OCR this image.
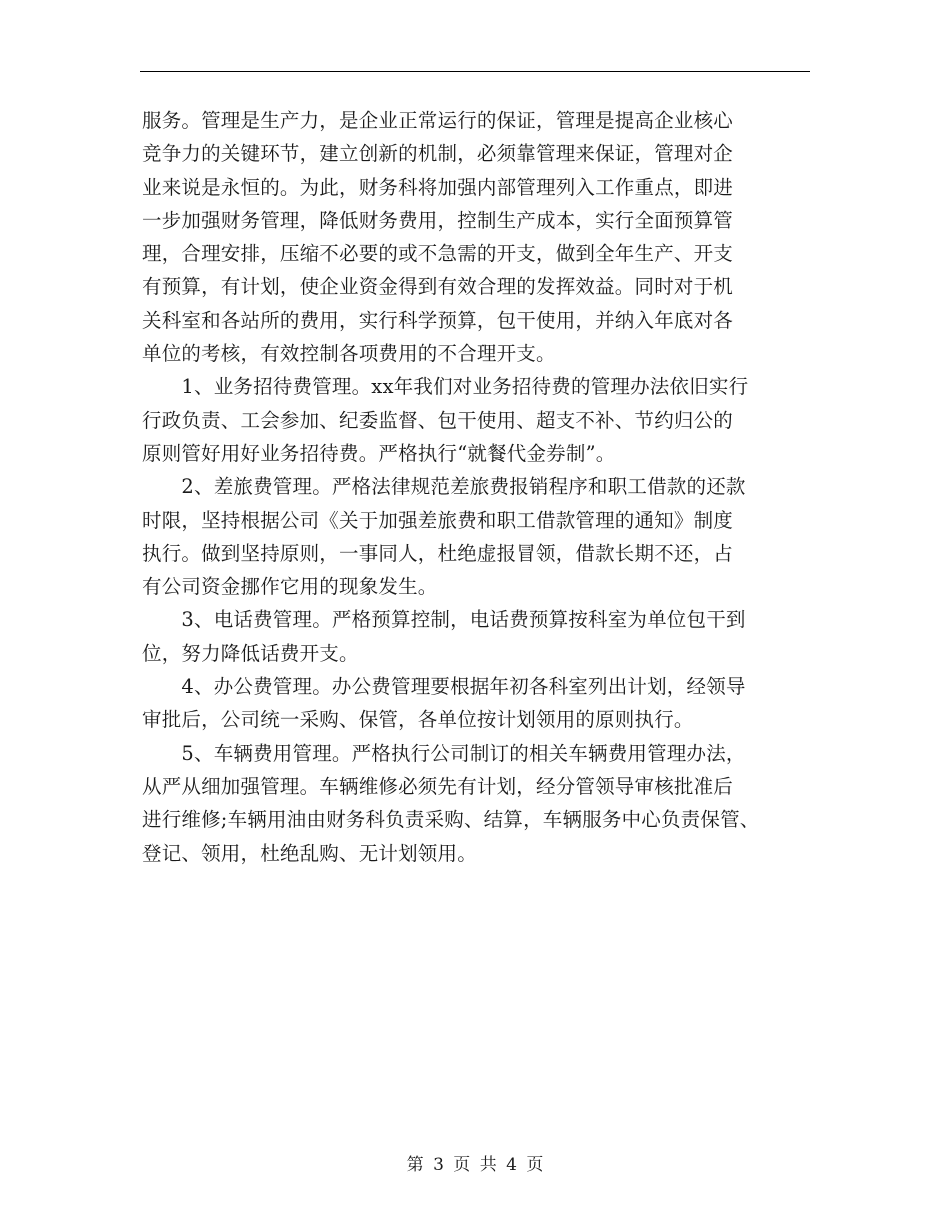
服务。管理是生产力，是企业正常运行的保证，管理是提高企业核心
竞争力的关键环节，建立创新的机制，必须靠管理来保证，管理对企
业来说是永恒的。为此，财务科将加强内部管理列入工作重点，即进
一步加强财务管理，降低财务费用，控制生产成本，实行全面预算管
理，合理安排，压缩不必要的或不急需的开支，做到全年生产、开支
有预算，有计划，使企业资金得到有效合理的发挥效益。同时对于机
关科室和各站所的费用，实行科学预算，包干使用，并纳入年底对各
单位的考核，有效控制各项费用的不合理开支。
　　1、业务招待费管理。xx年我们对业务招待费的管理办法依旧实行
行政负责、工会参加、纪委监督、包干使用、超支不补、节约归公的
原则管好用好业务招待费。严格执行“就餐代金券制”。
　　2、差旅费管理。严格法律规范差旅费报销程序和职工借款的还款
时限，坚持根据公司《关于加强差旅费和职工借款管理的通知》制度
执行。做到坚持原则，一事同人，杜绝虚报冒领，借款长期不还，占
有公司资金挪作它用的现象发生。
　　3、电话费管理。严格预算控制，电话费预算按科室为单位包干到
位，努力降低话费开支。
　　4、办公费管理。办公费管理要根据年初各科室列出计划，经领导
审批后，公司统一采购、保管，各单位按计划领用的原则执行。
　　5、车辆费用管理。严格执行公司制订的相关车辆费用管理办法，
从严从细加强管理。车辆维修必须先有计划，经分管领导审核批准后
进行维修;车辆用油由财务科负责采购、结算，车辆服务中心负责保管、
登记、领用，杜绝乱购、无计划领用。
第 3 页 共 4 页
